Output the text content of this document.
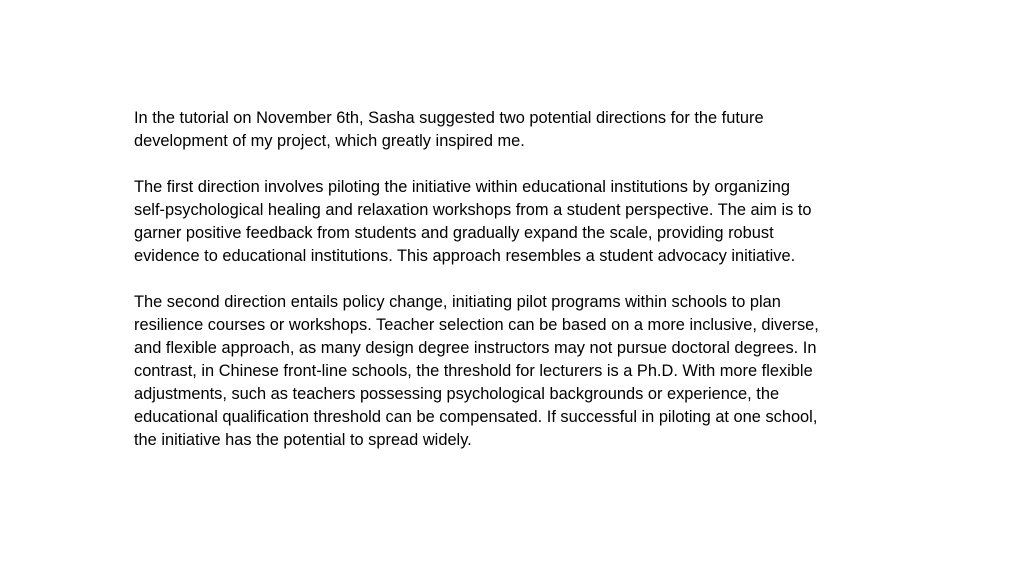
In the tutorial on November 6th, Sasha suggested two potential directions for the future
development of my project, which greatly inspired me.

The first direction involves piloting the initiative within educational institutions by organizing
self-psychological healing and relaxation workshops from a student perspective. The aim is to
garner positive feedback from students and gradually expand the scale, providing robust
evidence to educational institutions. This approach resembles a student advocacy initiative.

The second direction entails policy change, initiating pilot programs within schools to plan
resilience courses or workshops. Teacher selection can be based on a more inclusive, diverse,
and flexible approach, as many design degree instructors may not pursue doctoral degrees. In
contrast, in Chinese front-line schools, the threshold for lecturers is a Ph.D. With more flexible
adjustments, such as teachers possessing psychological backgrounds or experience, the
educational qualification threshold can be compensated. If successful in piloting at one school,
the initiative has the potential to spread widely.
